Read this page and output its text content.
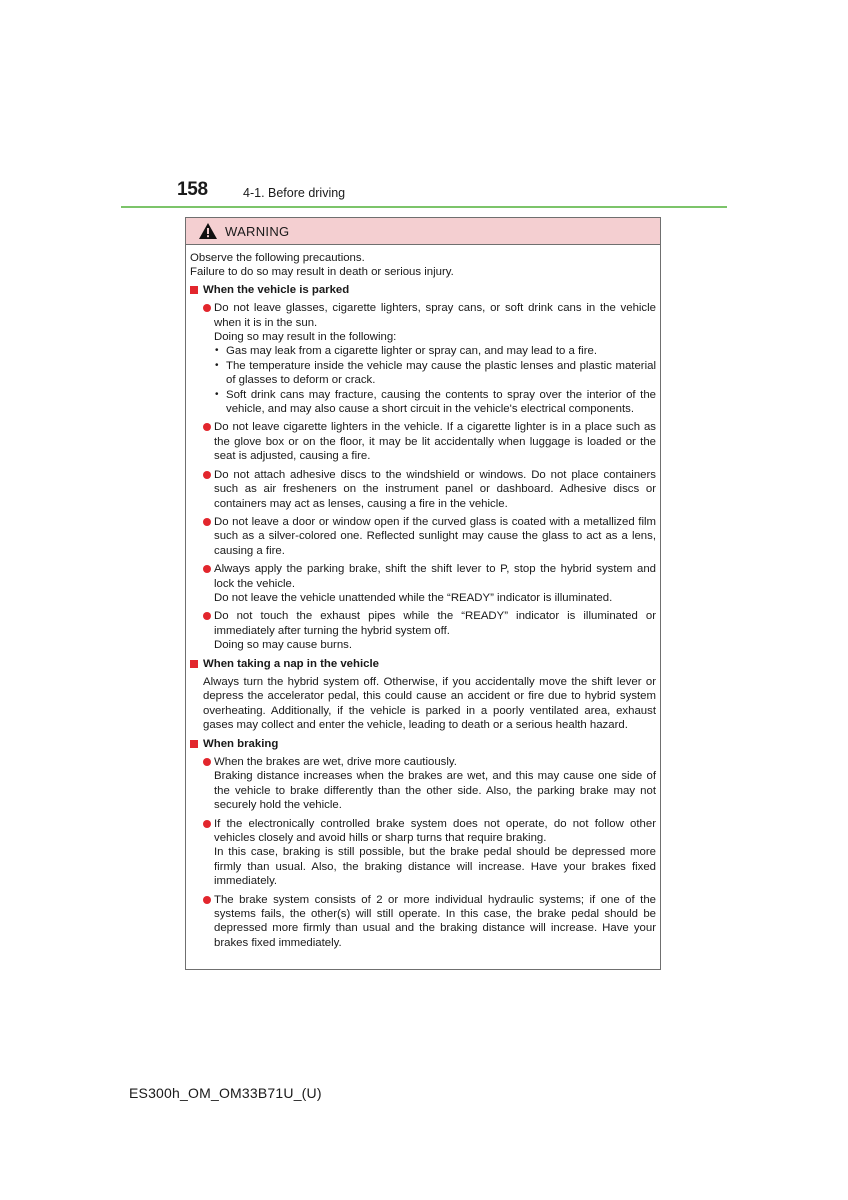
158	4-1. Before driving
WARNING
Observe the following precautions.
Failure to do so may result in death or serious injury.
When the vehicle is parked
Do not leave glasses, cigarette lighters, spray cans, or soft drink cans in the vehicle when it is in the sun.
Doing so may result in the following:
• Gas may leak from a cigarette lighter or spray can, and may lead to a fire.
• The temperature inside the vehicle may cause the plastic lenses and plastic material of glasses to deform or crack.
• Soft drink cans may fracture, causing the contents to spray over the interior of the vehicle, and may also cause a short circuit in the vehicle's electrical components.
Do not leave cigarette lighters in the vehicle. If a cigarette lighter is in a place such as the glove box or on the floor, it may be lit accidentally when luggage is loaded or the seat is adjusted, causing a fire.
Do not attach adhesive discs to the windshield or windows. Do not place containers such as air fresheners on the instrument panel or dashboard. Adhesive discs or containers may act as lenses, causing a fire in the vehicle.
Do not leave a door or window open if the curved glass is coated with a metallized film such as a silver-colored one. Reflected sunlight may cause the glass to act as a lens, causing a fire.
Always apply the parking brake, shift the shift lever to P, stop the hybrid system and lock the vehicle.
Do not leave the vehicle unattended while the “READY” indicator is illuminated.
Do not touch the exhaust pipes while the “READY” indicator is illuminated or immediately after turning the hybrid system off.
Doing so may cause burns.
When taking a nap in the vehicle
Always turn the hybrid system off. Otherwise, if you accidentally move the shift lever or depress the accelerator pedal, this could cause an accident or fire due to hybrid system overheating. Additionally, if the vehicle is parked in a poorly ventilated area, exhaust gases may collect and enter the vehicle, leading to death or a serious health hazard.
When braking
When the brakes are wet, drive more cautiously.
Braking distance increases when the brakes are wet, and this may cause one side of the vehicle to brake differently than the other side. Also, the parking brake may not securely hold the vehicle.
If the electronically controlled brake system does not operate, do not follow other vehicles closely and avoid hills or sharp turns that require braking.
In this case, braking is still possible, but the brake pedal should be depressed more firmly than usual. Also, the braking distance will increase. Have your brakes fixed immediately.
The brake system consists of 2 or more individual hydraulic systems; if one of the systems fails, the other(s) will still operate. In this case, the brake pedal should be depressed more firmly than usual and the braking distance will increase. Have your brakes fixed immediately.
ES300h_OM_OM33B71U_(U)
